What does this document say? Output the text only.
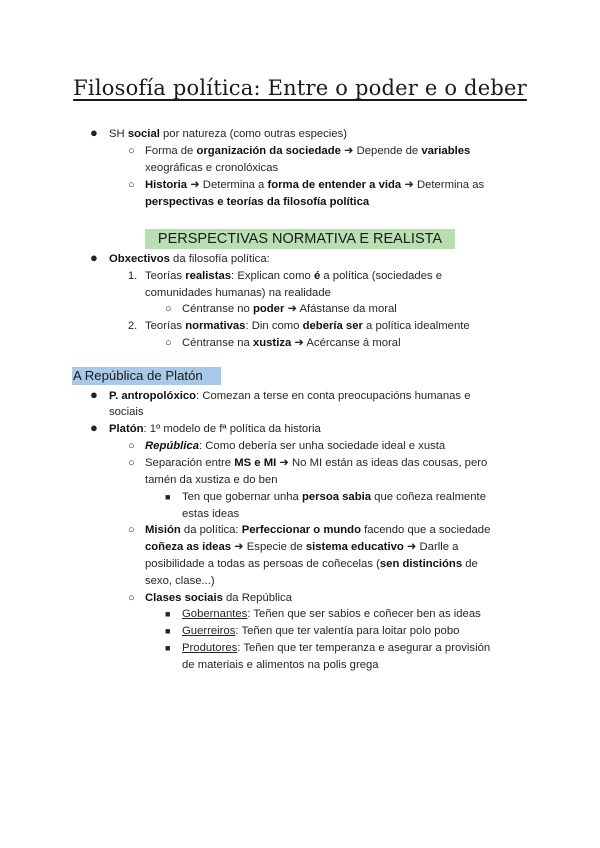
Filosofía política: Entre o poder e o deber
● SH social por natureza (como outras especies)
○ Forma de organización da sociedade ➜ Depende de variables
xeográficas e cronolóxicas
○ Historia ➜ Determina a forma de entender a vida ➜ Determina as
perspectivas e teorías da filosofía política
PERSPECTIVAS NORMATIVA E REALISTA
● Obxectivos da filosofía política:
1. Teorías realistas: Explican como é a política (sociedades e
comunidades humanas) na realidade
○ Céntranse no poder ➜ Afástanse da moral
2. Teorías normativas: Din como debería ser a política idealmente
○ Céntranse na xustiza ➜ Acércanse á moral
A República de Platón
● P. antropolóxico: Comezan a terse en conta preocupacións humanas e
sociais
● Platón: 1º modelo de fª política da historia
○ República: Como debería ser unha sociedade ideal e xusta
○ Separación entre MS e MI ➜ No MI están as ideas das cousas, pero
tamén da xustiza e do ben
■ Ten que gobernar unha persoa sabia que coñeza realmente
estas ideas
○ Misión da política: Perfeccionar o mundo facendo que a sociedade
coñeza as ideas ➜ Especie de sistema educativo ➜ Darlle a
posibilidade a todas as persoas de coñecelas (sen distincións de
sexo, clase...)
○ Clases sociais da República
■ Gobernantes: Teñen que ser sabios e coñecer ben as ideas
■ Guerreiros: Teñen que ter valentía para loitar polo pobo
■ Produtores: Teñen que ter temperanza e asegurar a provisión
de materiais e alimentos na polis grega
